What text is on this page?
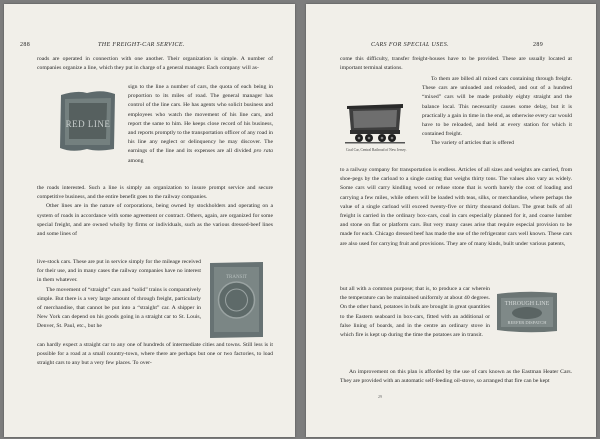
288	THE FREIGHT-CAR SERVICE.

roads are operated in connection with one another. Their organization is simple. A number of companies organize a line, which they put in charge of a general manager. Each company will as-

RED LINE

sign to the line a number of cars, the quota of each being in proportion to its miles of road. The general manager has control of the line cars. He has agents who solicit business and employees who watch the movement of his line cars, and report the same to him. He keeps close record of his business, and reports promptly to the transportation officer of any road in his line any neglect or delinquency he may discover. The earnings of the line and its expenses are all divided pro rata among

the roads interested. Such a line is simply an organization to insure prompt service and secure competitive business, and the entire benefit goes to the railway companies.

Other lines are in the nature of corporations, being owned by stockholders and operating on a system of roads in accordance with some agreement or contract. Others, again, are organized for some special freight, and are owned wholly by firms or individuals, such as the various dressed-beef lines and some lines of

live-stock cars. These are put in service simply for the mileage received for their use, and in many cases the railway companies have no interest in them whatever.

The movement of “straight” cars and “solid” trains is comparatively simple. But there is a very large amount of through freight, particularly of merchandise, that cannot be put into a “straight” car. A shipper in New York can depend on his goods going in a straight car to St. Louis, Denver, St. Paul, etc., but he

TRANSIT

can hardly expect a straight car to any one of hundreds of intermediate cities and towns. Still less is it possible for a road at a small country-town, where there are perhaps but one or two factories, to load straight cars to any but a very few places. To over-

CARS FOR SPECIAL USES.	289

come this difficulty, transfer freight-houses have to be provided. These are usually located at important terminal stations.

Coal Car, Central Railroad of New Jersey.

To them are billed all mixed cars containing through freight. These cars are unloaded and reloaded, and out of a hundred “mixed” cars will be made probably eighty straight and the balance local. This necessarily causes some delay, but it is practically a gain in time in the end, as otherwise every car would have to be reloaded, and held at every station for which it contained freight.

The variety of articles that is offered

to a railway company for transportation is endless. Articles of all sizes and weights are carried, from shoe-pegs by the carload to a single casting that weighs thirty tons. The values also vary as widely. Some cars will carry kindling wood or refuse stone that is worth barely the cost of loading and carrying a few miles, while others will be loaded with teas, silks, or merchandise, where perhaps the value of a single carload will exceed twenty-five or thirty thousand dollars. The great bulk of all freight is carried in the ordinary box-cars, coal in cars especially planned for it, and coarse lumber and stone on flat or platform cars. But very many cases arise that require especial provision to be made for each. Chicago dressed beef has made the use of the refrigerator cars well known. These cars are also used for carrying fruit and provisions. They are of many kinds, built under various patents,

but all with a common purpose; that is, to produce a car wherein the temperature can be maintained uniformly at about 40 degrees. On the other hand, potatoes in bulk are brought in great quantities to the Eastern seaboard in box-cars, fitted with an additional or false lining of boards, and in the centre an ordinary stove in which fire is kept up during the time the potatoes are in transit.

THROUGH LINE
REEFER DISPATCH

An improvement on this plan is afforded by the use of cars known as the Eastman Heater Cars. They are provided with an automatic self-feeding oil-stove, so arranged that fire can be kept

29
